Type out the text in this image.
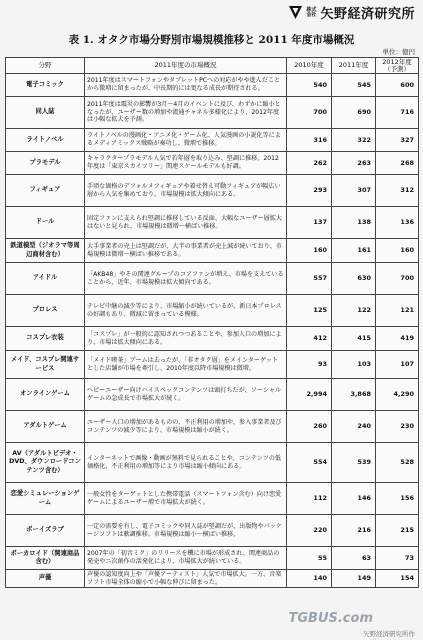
株式会社 矢野経済研究所
表 1. オタク市場分野別市場規模推移と 2011 年度市場概況
単位：億円
分野	2011年度の市場概況	2010年度	2011年度	2012年度
（予測）
電子コミック	2011年度はスマートフォンやタブレットPCへの対応がやや進んだことから微増に留まったが、中長期的には更なる成長が期待される。	540	545	600
同人誌	2011年度は震災の影響が3月～4月のイベントに及び、わずかに縮小となったが、ユーザー数の増加や流通チャネル多様化により、2012年度は小幅な拡大を予測。	700	690	716
ライトノベル	ライトノベルの漫画化・アニメ化・ゲーム化、人気漫画の小説化等によるメディアミックス戦略が奏功し、微増で推移。	316	322	327
プラモデル	キャラクタープラモデル人気で若年層を取り込み、堅調に推移。2012年度は「東京スカイツリー」関連スケールモデルも好調。	262	263	268
フィギュア	手頃な価格のデフォルメフィギュアや着せ替え可動フィギュアが幅広い層から人気を集めており、市場規模は拡大傾向にある。	293	307	312
ドール	固定ファンに支えられ堅調に推移している反面、大幅なユーザー層拡大はないと見られ、市場規模は微増～横ばい推移。	137	138	136
鉄道模型（ジオラマ等周辺商材含む）	大手事業者の売上は堅調だが、大半の事業者が売上減が続いており、市場規模は微増～横ばい推移である。	160	161	160
アイドル	「AKB48」やその関連グループのコアファンが増え、市場を支えていることから、近年、市場規模は拡大傾向である。	557	630	700
プロレス	テレビ中継の減少等により、市場縮小が続いているが、新日本プロレスの好調もあり、微減に留まっている模様。	125	122	121
コスプレ衣装	「コスプレ」が一般的に認知されつつあることや、参加人口の増加により、市場は拡大傾向にある。	412	415	419
メイド、コスプレ関連サービス	「メイド喫茶」ブームは去ったが、「非オタク層」をメインターゲットとした店舗が市場を牽引し、2010年度以降市場規模は微増。	93	103	107
オンラインゲーム	ヘビーユーザー向けハイスペックコンテンツは頭打ちだが、ソーシャルゲームの急成長で市場拡大が続く。	2,994	3,868	4,290
アダルトゲーム	ユーザー人口の増加があるものの、不正利用の増加や、参入事業者及びコンテンツの減少等により、市場規模は縮小が続く。	260	240	230
AV（アダルトビデオ・DVD、ダウンロードコンテンツ含む）	インターネットで画像・動画が無料で見られることや、コンテンツの低価格化、不正利用の増加等により市場は縮小傾向にある。	554	539	528
恋愛シミュレーションゲーム	一般女性をターゲットとした携帯電話（スマートフォン含む）向け恋愛ゲームによるユーザー増で市場拡大が続く。	112	146	156
ボーイズラブ	一定の需要を有し、電子コミックや同人誌が堅調だが、出版物やパッケージソフトは軟調推移。市場規模は縮小～横ばい推移。	220	216	215
ボーカロイド（関連商品含む）	2007年の「初音ミク」のリリースを機に市場が形成され、関連商品の発売やニ次創作の活発化により、市場拡大が続いている。	55	63	73
声優	声優の認知度向上や「声優アーティスト」人気で市場拡大。一方、音楽ソフト市場全体の縮小で小幅な伸びに留まった。	140	149	154
TGBUS.com
矢野経済研究所作
